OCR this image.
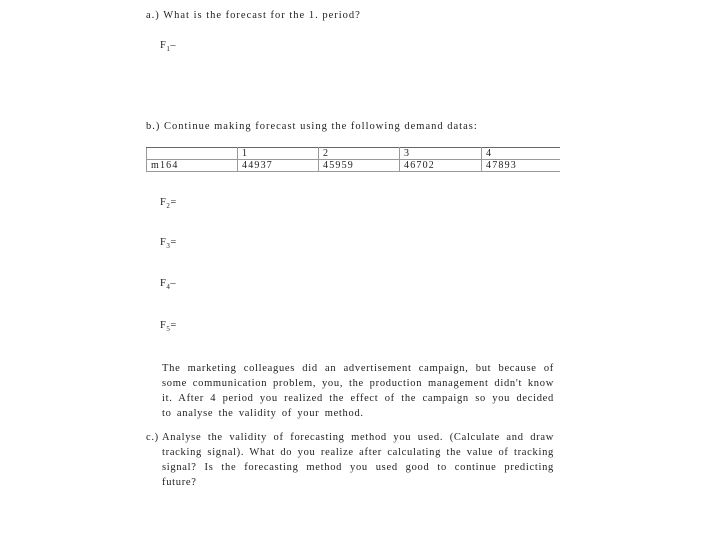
a.) What is the forecast for the 1. period?
$F_1-$
b.) Continue making forecast using the following demand datas:
	1	2	3	4
m164	44937	45959	46702	47893
$F_2=$
$F_3=$
$F_4-$
$F_5=$
The marketing colleagues did an advertisement campaign, but because of some communication problem, you, the production management didn't know it. After 4 period you realized the effect of the campaign so you decided to analyse the validity of your method.
c.) Analyse the validity of forecasting method you used. (Calculate and draw tracking signal). What do you realize after calculating the value of tracking signal? Is the forecasting method you used good to continue predicting future?
